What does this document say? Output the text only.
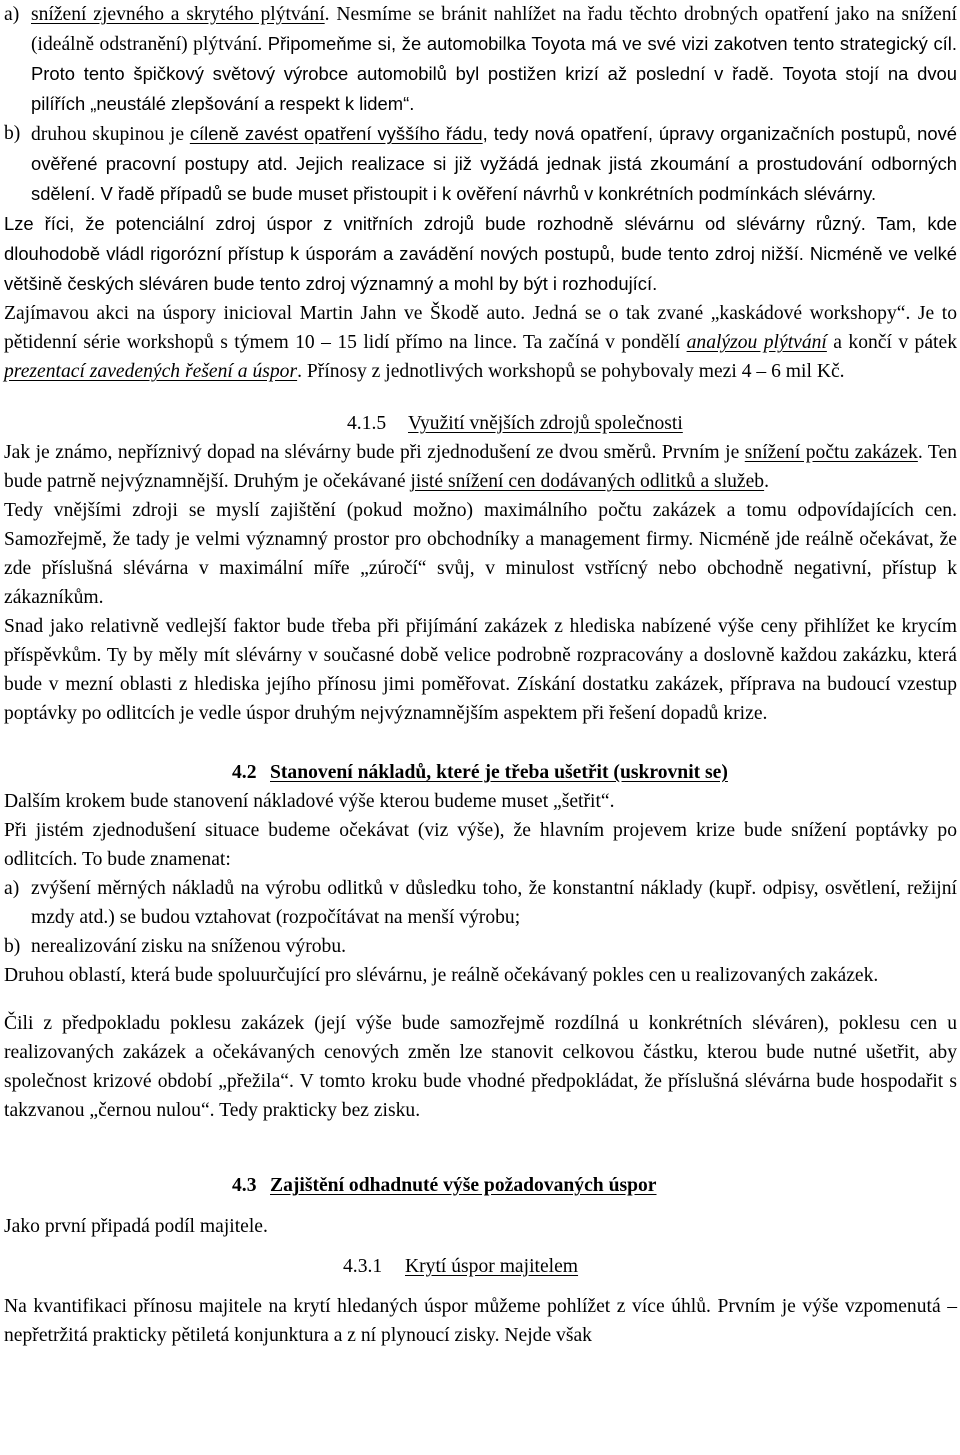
a) snížení zjevného a skrytého plýtvání. Nesmíme se bránit nahlížet na řadu těchto drobných opatření jako na snížení (ideálně odstranění) plýtvání. Připomeňme si, že automobilka Toyota má ve své vizi zakotven tento strategický cíl. Proto tento špičkový světový výrobce automobilů byl postižen krizí až poslední v řadě. Toyota stojí na dvou pilířích „neustálé zlepšování a respekt k lidem“.
b) druhou skupinou je cíleně zavést opatření vyššího řádu, tedy nová opatření, úpravy organizačních postupů, nové ověřené pracovní postupy atd. Jejich realizace si již vyžádá jednak jistá zkoumání a prostudování odborných sdělení. V řadě případů se bude muset přistoupit i k ověření návrhů v konkrétních podmínkách slévárny.

Lze říci, že potenciální zdroj úspor z vnitřních zdrojů bude rozhodně slévárnu od slévárny různý. Tam, kde dlouhodobě vládl rigorózní přístup k úsporám a zavádění nových postupů, bude tento zdroj nižší. Nicméně ve velké většině českých sléváren bude tento zdroj významný a mohl by být i rozhodující.

Zajímavou akci na úspory inicioval Martin Jahn ve Škodě auto. Jedná se o tak zvané „kaskádové workshopy“. Je to pětidenní série workshopů s týmem 10 – 15 lidí přímo na lince. Ta začíná v pondělí analýzou plýtvání a končí v pátek prezentací zavedených řešení a úspor. Přínosy z jednotlivých workshopů se pohybovaly mezi 4 – 6 mil Kč.

4.1.5 Využití vnějších zdrojů společnosti

Jak je známo, nepříznivý dopad na slévárny bude při zjednodušení ze dvou směrů. Prvním je snížení počtu zakázek. Ten bude patrně nejvýznamnější. Druhým je očekávané jisté snížení cen dodávaných odlitků a služeb.

Tedy vnějšími zdroji se myslí zajištění (pokud možno) maximálního počtu zakázek a tomu odpovídajících cen. Samozřejmě, že tady je velmi významný prostor pro obchodníky a management firmy. Nicméně jde reálně očekávat, že zde příslušná slévárna v maximální míře „zúročí“ svůj, v minulost vstřícný nebo obchodně negativní, přístup k zákazníkům.

Snad jako relativně vedlejší faktor bude třeba při přijímání zakázek z hlediska nabízené výše ceny přihlížet ke krycím příspěvkům. Ty by měly mít slévárny v současné době velice podrobně rozpracovány a doslovně každou zakázku, která bude v mezní oblasti z hlediska jejího přínosu jimi poměřovat. Získání dostatku zakázek, příprava na budoucí vzestup poptávky po odlitcích je vedle úspor druhým nejvýznamnějším aspektem při řešení dopadů krize.

4.2 Stanovení nákladů, které je třeba ušetřit (uskrovnit se)

Dalším krokem bude stanovení nákladové výše kterou budeme muset „šetřit“.

Při jistém zjednodušení situace budeme očekávat (viz výše), že hlavním projevem krize bude snížení poptávky po odlitcích. To bude znamenat:

a) zvýšení měrných nákladů na výrobu odlitků v důsledku toho, že konstantní náklady (kupř. odpisy, osvětlení, režijní mzdy atd.) se budou vztahovat (rozpočítávat na menší výrobu;
b) nerealizování zisku na sníženou výrobu.

Druhou oblastí, která bude spoluurčující pro slévárnu, je reálně očekávaný pokles cen u realizovaných zakázek.

Čili z předpokladu poklesu zakázek (její výše bude samozřejmě rozdílná u konkrétních sléváren), poklesu cen u realizovaných zakázek a očekávaných cenových změn lze stanovit celkovou částku, kterou bude nutné ušetřit, aby společnost krizové období „přežila“. V tomto kroku bude vhodné předpokládat, že příslušná slévárna bude hospodařit s takzvanou „černou nulou“. Tedy prakticky bez zisku.

4.3 Zajištění odhadnuté výše požadovaných úspor

Jako první připadá podíl majitele.

4.3.1 Krytí úspor majitelem

Na kvantifikaci přínosu majitele na krytí hledaných úspor můžeme pohlížet z více úhlů. Prvním je výše vzpomenutá – nepřetržitá prakticky pětiletá konjunktura a z ní plynoucí zisky. Nejde však
